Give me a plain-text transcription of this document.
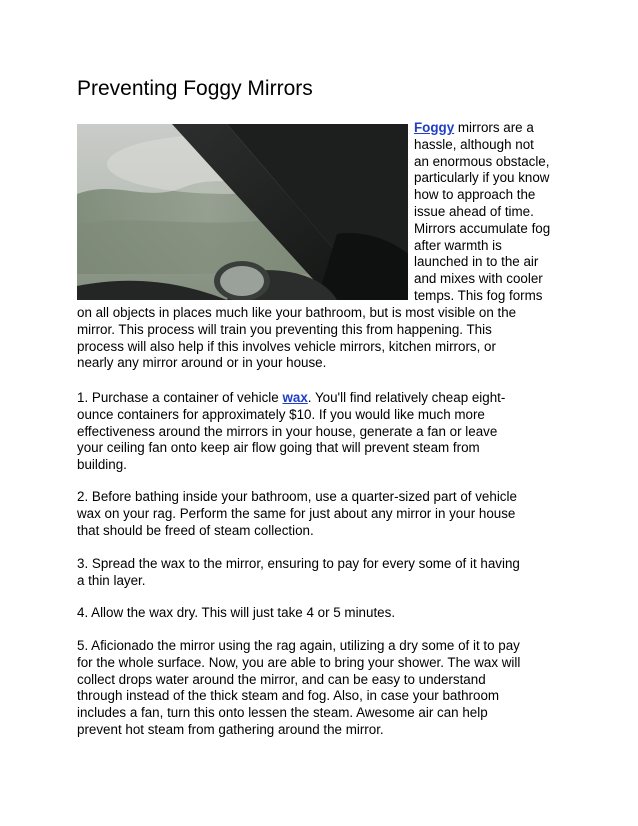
Preventing Foggy Mirrors
Foggy mirrors are a
hassle, although not
an enormous obstacle,
particularly if you know
how to approach the
issue ahead of time.
Mirrors accumulate fog
after warmth is
launched in to the air
and mixes with cooler
temps. This fog forms
on all objects in places much like your bathroom, but is most visible on the
mirror. This process will train you preventing this from happening. This
process will also help if this involves vehicle mirrors, kitchen mirrors, or
nearly any mirror around or in your house.
1. Purchase a container of vehicle wax. You'll find relatively cheap eight-
ounce containers for approximately $10. If you would like much more
effectiveness around the mirrors in your house, generate a fan or leave
your ceiling fan onto keep air flow going that will prevent steam from
building.
2. Before bathing inside your bathroom, use a quarter-sized part of vehicle
wax on your rag. Perform the same for just about any mirror in your house
that should be freed of steam collection.
3. Spread the wax to the mirror, ensuring to pay for every some of it having
a thin layer.
4. Allow the wax dry. This will just take 4 or 5 minutes.
5. Aficionado the mirror using the rag again, utilizing a dry some of it to pay
for the whole surface. Now, you are able to bring your shower. The wax will
collect drops water around the mirror, and can be easy to understand
through instead of the thick steam and fog. Also, in case your bathroom
includes a fan, turn this onto lessen the steam. Awesome air can help
prevent hot steam from gathering around the mirror.
